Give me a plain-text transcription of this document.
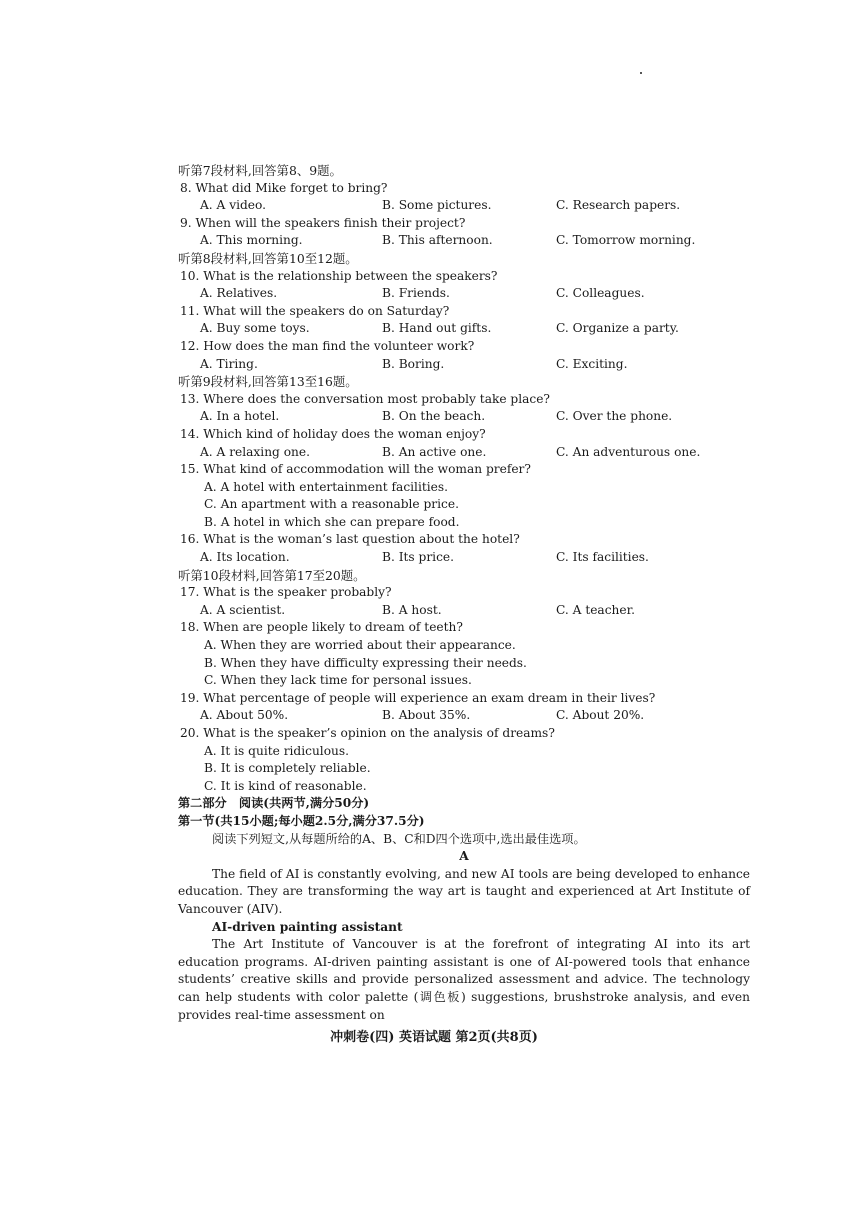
听第7段材料,回答第8、9题。
8. What did Mike forget to bring?
A. A video.	B. Some pictures.	C. Research papers.
9. When will the speakers finish their project?
A. This morning.	B. This afternoon.	C. Tomorrow morning.
听第8段材料,回答第10至12题。
10. What is the relationship between the speakers?
A. Relatives.	B. Friends.	C. Colleagues.
11. What will the speakers do on Saturday?
A. Buy some toys.	B. Hand out gifts.	C. Organize a party.
12. How does the man find the volunteer work?
A. Tiring.	B. Boring.	C. Exciting.
听第9段材料,回答第13至16题。
13. Where does the conversation most probably take place?
A. In a hotel.	B. On the beach.	C. Over the phone.
14. Which kind of holiday does the woman enjoy?
A. A relaxing one.	B. An active one.	C. An adventurous one.
15. What kind of accommodation will the woman prefer?
A. A hotel with entertainment facilities.
C. An apartment with a reasonable price.
B. A hotel in which she can prepare food.
16. What is the woman’s last question about the hotel?
A. Its location.	B. Its price.	C. Its facilities.
听第10段材料,回答第17至20题。
17. What is the speaker probably?
A. A scientist.	B. A host.	C. A teacher.
18. When are people likely to dream of teeth?
A. When they are worried about their appearance.
B. When they have difficulty expressing their needs.
C. When they lack time for personal issues.
19. What percentage of people will experience an exam dream in their lives?
A. About 50%.	B. About 35%.	C. About 20%.
20. What is the speaker’s opinion on the analysis of dreams?
A. It is quite ridiculous.
B. It is completely reliable.
C. It is kind of reasonable.
第二部分　阅读(共两节,满分50分)
第一节(共15小题;每小题2.5分,满分37.5分)
阅读下列短文,从每题所给的A、B、C和D四个选项中,选出最佳选项。
A
The field of AI is constantly evolving, and new AI tools are being developed to enhance education. They are transforming the way art is taught and experienced at Art Institute of Vancouver (AIV).
AI-driven painting assistant
The Art Institute of Vancouver is at the forefront of integrating AI into its art education programs. AI-driven painting assistant is one of AI-powered tools that enhance students’ creative skills and provide personalized assessment and advice. The technology can help students with color palette (调色板) suggestions, brushstroke analysis, and even provides real-time assessment on
冲刺卷(四) 英语试题 第2页(共8页)
